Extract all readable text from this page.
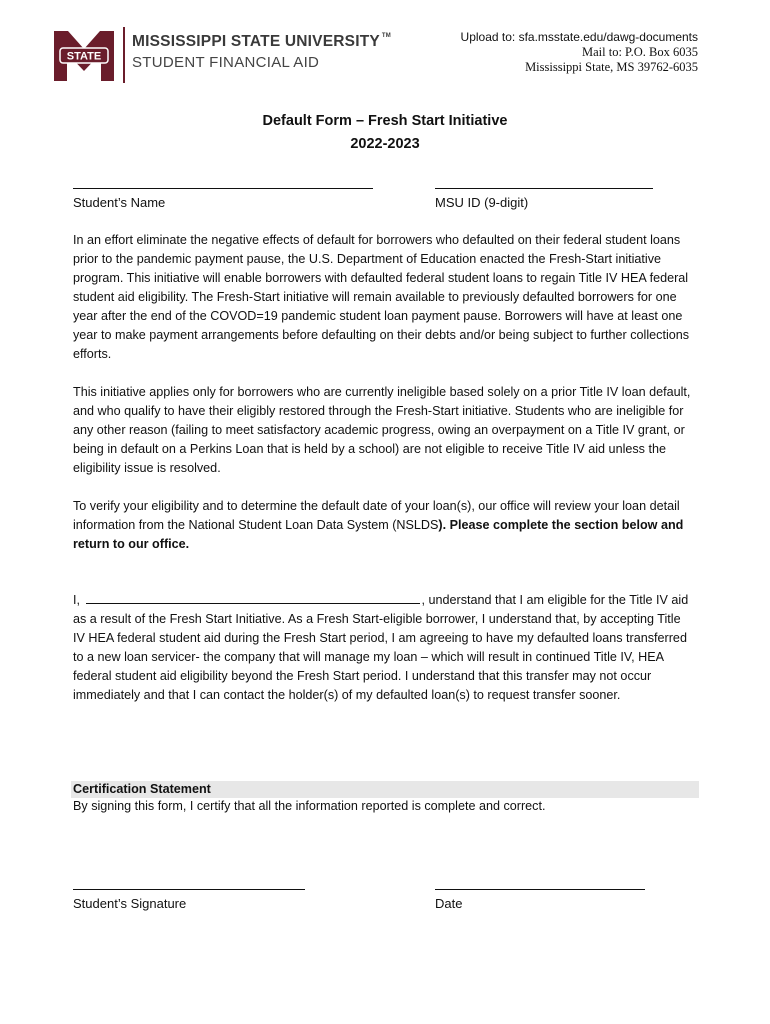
STATE
MISSISSIPPI STATE UNIVERSITY ™
STUDENT FINANCIAL AID
Upload to: sfa.msstate.edu/dawg-documents
Mail to: P.O. Box 6035
Mississippi State, MS 39762-6035
Default Form – Fresh Start Initiative
2022-2023
Student’s Name	MSU ID (9-digit)

In an effort eliminate the negative effects of default for borrowers who defaulted on their federal student loans prior to the pandemic payment pause, the U.S. Department of Education enacted the Fresh-Start initiative program. This initiative will enable borrowers with defaulted federal student loans to regain Title IV HEA federal student aid eligibility. The Fresh-Start initiative will remain available to previously defaulted borrowers for one year after the end of the COVOD=19 pandemic student loan payment pause. Borrowers will have at least one year to make payment arrangements before defaulting on their debts and/or being subject to further collections efforts.

This initiative applies only for borrowers who are currently ineligible based solely on a prior Title IV loan default, and who qualify to have their eligibly restored through the Fresh-Start initiative. Students who are ineligible for any other reason (failing to meet satisfactory academic progress, owing an overpayment on a Title IV grant, or being in default on a Perkins Loan that is held by a school) are not eligible to receive Title IV aid unless the eligibility issue is resolved.

To verify your eligibility and to determine the default date of your loan(s), our office will review your loan detail information from the National Student Loan Data System (NSLDS). Please complete the section below and return to our office.

I,	, understand that I am eligible for the Title IV aid as a result of the Fresh Start Initiative. As a Fresh Start-eligible borrower, I understand that, by accepting Title IV HEA federal student aid during the Fresh Start period, I am agreeing to have my defaulted loans transferred to a new loan servicer- the company that will manage my loan – which will result in continued Title IV, HEA federal student aid eligibility beyond the Fresh Start period. I understand that this transfer may not occur immediately and that I can contact the holder(s) of my defaulted loan(s) to request transfer sooner.

Certification Statement
By signing this form, I certify that all the information reported is complete and correct.
Student’s Signature	Date
